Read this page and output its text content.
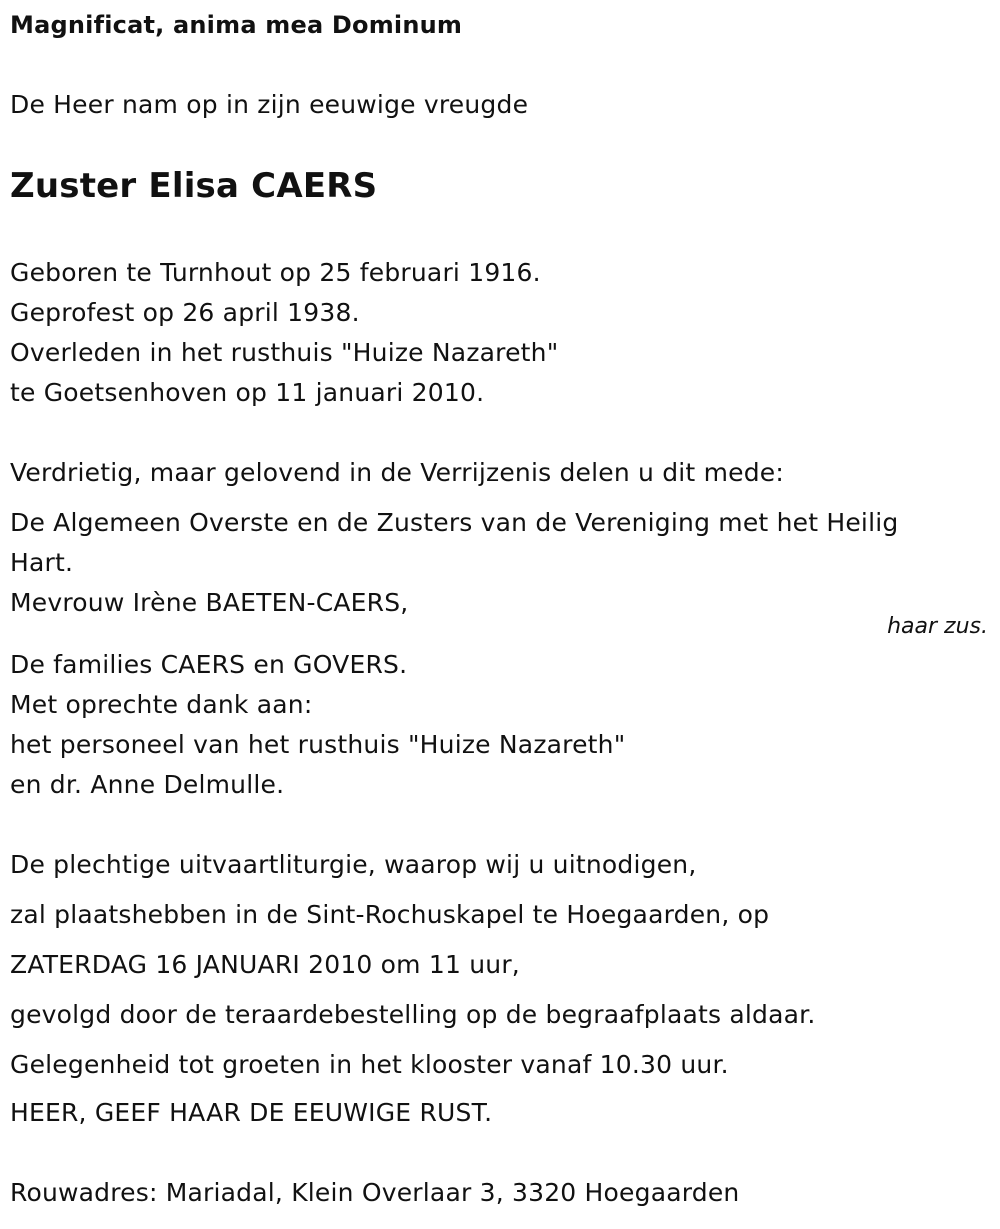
Magnificat, anima mea Dominum
De Heer nam op in zijn eeuwige vreugde
Zuster Elisa CAERS
Geboren te Turnhout op 25 februari 1916.
Geprofest op 26 april 1938.
Overleden in het rusthuis "Huize Nazareth"
te Goetsenhoven op 11 januari 2010.
Verdrietig, maar gelovend in de Verrijzenis delen u dit mede:
De Algemeen Overste en de Zusters van de Vereniging met het Heilig
Hart.
Mevrouw Irène BAETEN-CAERS,
haar zus.
De families CAERS en GOVERS.
Met oprechte dank aan:
het personeel van het rusthuis "Huize Nazareth"
en dr. Anne Delmulle.
De plechtige uitvaartliturgie, waarop wij u uitnodigen,
zal plaatshebben in de Sint-Rochuskapel te Hoegaarden, op
ZATERDAG 16 JANUARI 2010 om 11 uur,
gevolgd door de teraardebestelling op de begraafplaats aldaar.
Gelegenheid tot groeten in het klooster vanaf 10.30 uur.
HEER, GEEF HAAR DE EEUWIGE RUST.
Rouwadres: Mariadal, Klein Overlaar 3, 3320 Hoegaarden
